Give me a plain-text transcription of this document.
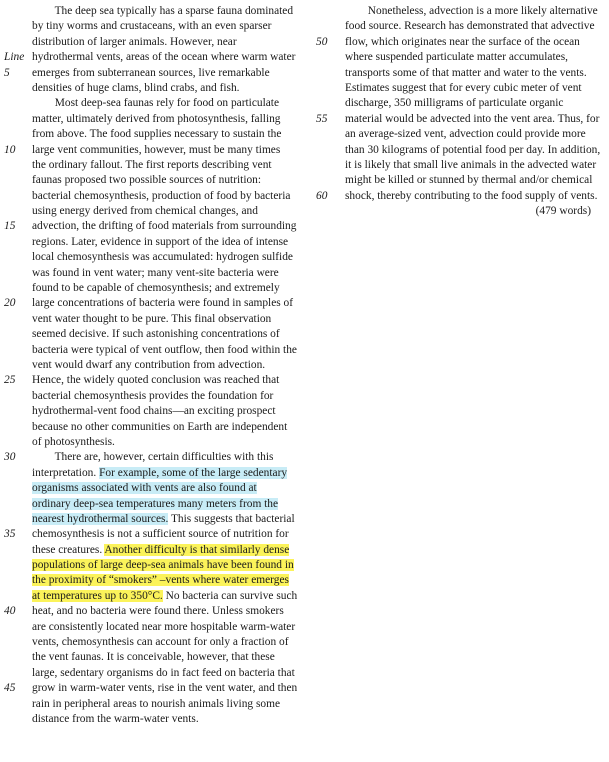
The deep sea typically has a sparse fauna dominated
by tiny worms and crustaceans, with an even sparser
distribution of larger animals. However, near
Line hydrothermal vents, areas of the ocean where warm water
5	emerges from subterranean sources, live remarkable
densities of huge clams, blind crabs, and fish.
Most deep-sea faunas rely for food on particulate
matter, ultimately derived from photosynthesis, falling
from above. The food supplies necessary to sustain the
10	large vent communities, however, must be many times
the ordinary fallout. The first reports describing vent
faunas proposed two possible sources of nutrition:
bacterial chemosynthesis, production of food by bacteria
using energy derived from chemical changes, and
15	advection, the drifting of food materials from surrounding
regions. Later, evidence in support of the idea of intense
local chemosynthesis was accumulated: hydrogen sulfide
was found in vent water; many vent-site bacteria were
found to be capable of chemosynthesis; and extremely
20	large concentrations of bacteria were found in samples of
vent water thought to be pure. This final observation
seemed decisive. If such astonishing concentrations of
bacteria were typical of vent outflow, then food within the
vent would dwarf any contribution from advection.
25	Hence, the widely quoted conclusion was reached that
bacterial chemosynthesis provides the foundation for
hydrothermal-vent food chains—an exciting prospect
because no other communities on Earth are independent
of photosynthesis.
30	There are, however, certain difficulties with this
interpretation. For example, some of the large sedentary
organisms associated with vents are also found at
ordinary deep-sea temperatures many meters from the
nearest hydrothermal sources. This suggests that bacterial
35	chemosynthesis is not a sufficient source of nutrition for
these creatures. Another difficulty is that similarly dense
populations of large deep-sea animals have been found in
the proximity of “smokers” –vents where water emerges
at temperatures up to 350°C. No bacteria can survive such
40	heat, and no bacteria were found there. Unless smokers
are consistently located near more hospitable warm-water
vents, chemosynthesis can account for only a fraction of
the vent faunas. It is conceivable, however, that these
large, sedentary organisms do in fact feed on bacteria that
45	grow in warm-water vents, rise in the vent water, and then
rain in peripheral areas to nourish animals living some
distance from the warm-water vents.
Nonetheless, advection is a more likely alternative
food source. Research has demonstrated that advective
50	flow, which originates near the surface of the ocean
where suspended particulate matter accumulates,
transports some of that matter and water to the vents.
Estimates suggest that for every cubic meter of vent
discharge, 350 milligrams of particulate organic
55	material would be advected into the vent area. Thus, for
an average-sized vent, advection could provide more
than 30 kilograms of potential food per day. In addition,
it is likely that small live animals in the advected water
might be killed or stunned by thermal and/or chemical
60	shock, thereby contributing to the food supply of vents.
(479 words)
